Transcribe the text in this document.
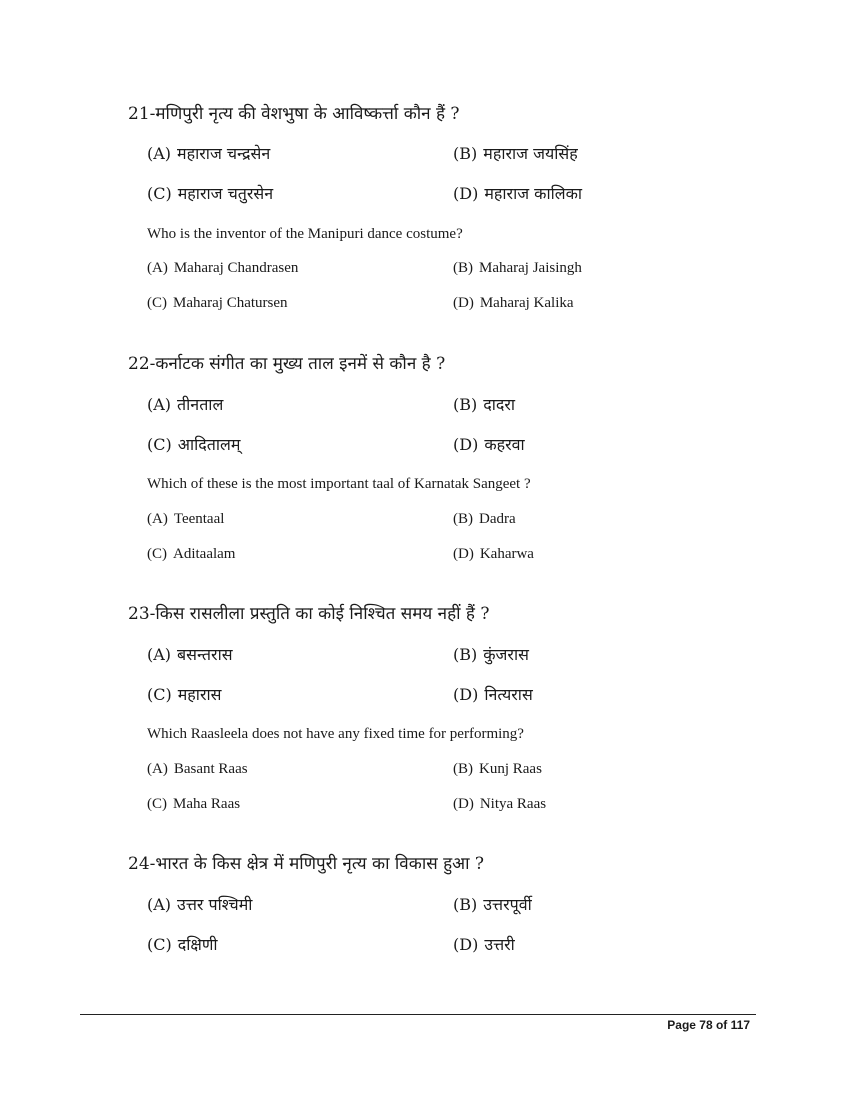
21-मणिपुरी नृत्य की वेशभुषा के आविष्कर्त्ता कौन हैं ?
(A) महाराज चन्द्रसेन	(B) महाराज जयसिंह
(C) महाराज चतुरसेन	(D) महाराज कालिका
Who is the inventor of the Manipuri dance costume?
(A) Maharaj Chandrasen	(B) Maharaj Jaisingh
(C) Maharaj Chatursen	(D) Maharaj Kalika
22-कर्नाटक संगीत का मुख्य ताल इनमें से कौन है ?
(A) तीनताल	(B) दादरा
(C) आदितालम्	(D) कहरवा
Which of these is the most important taal of Karnatak Sangeet ?
(A) Teentaal	(B) Dadra
(C) Aditaalam	(D) Kaharwa
23-किस रासलीला प्रस्तुति का कोई निश्चित समय नहीं हैं ?
(A) बसन्तरास	(B) कुंजरास
(C) महारास	(D) नित्यरास
Which Raasleela does not have any fixed time for performing?
(A) Basant Raas	(B) Kunj Raas
(C) Maha Raas	(D) Nitya Raas
24-भारत के किस क्षेत्र में मणिपुरी नृत्य का विकास हुआ ?
(A) उत्तर पश्चिमी	(B) उत्तरपूर्वी
(C) दक्षिणी	(D) उत्तरी
Page 78 of 117
